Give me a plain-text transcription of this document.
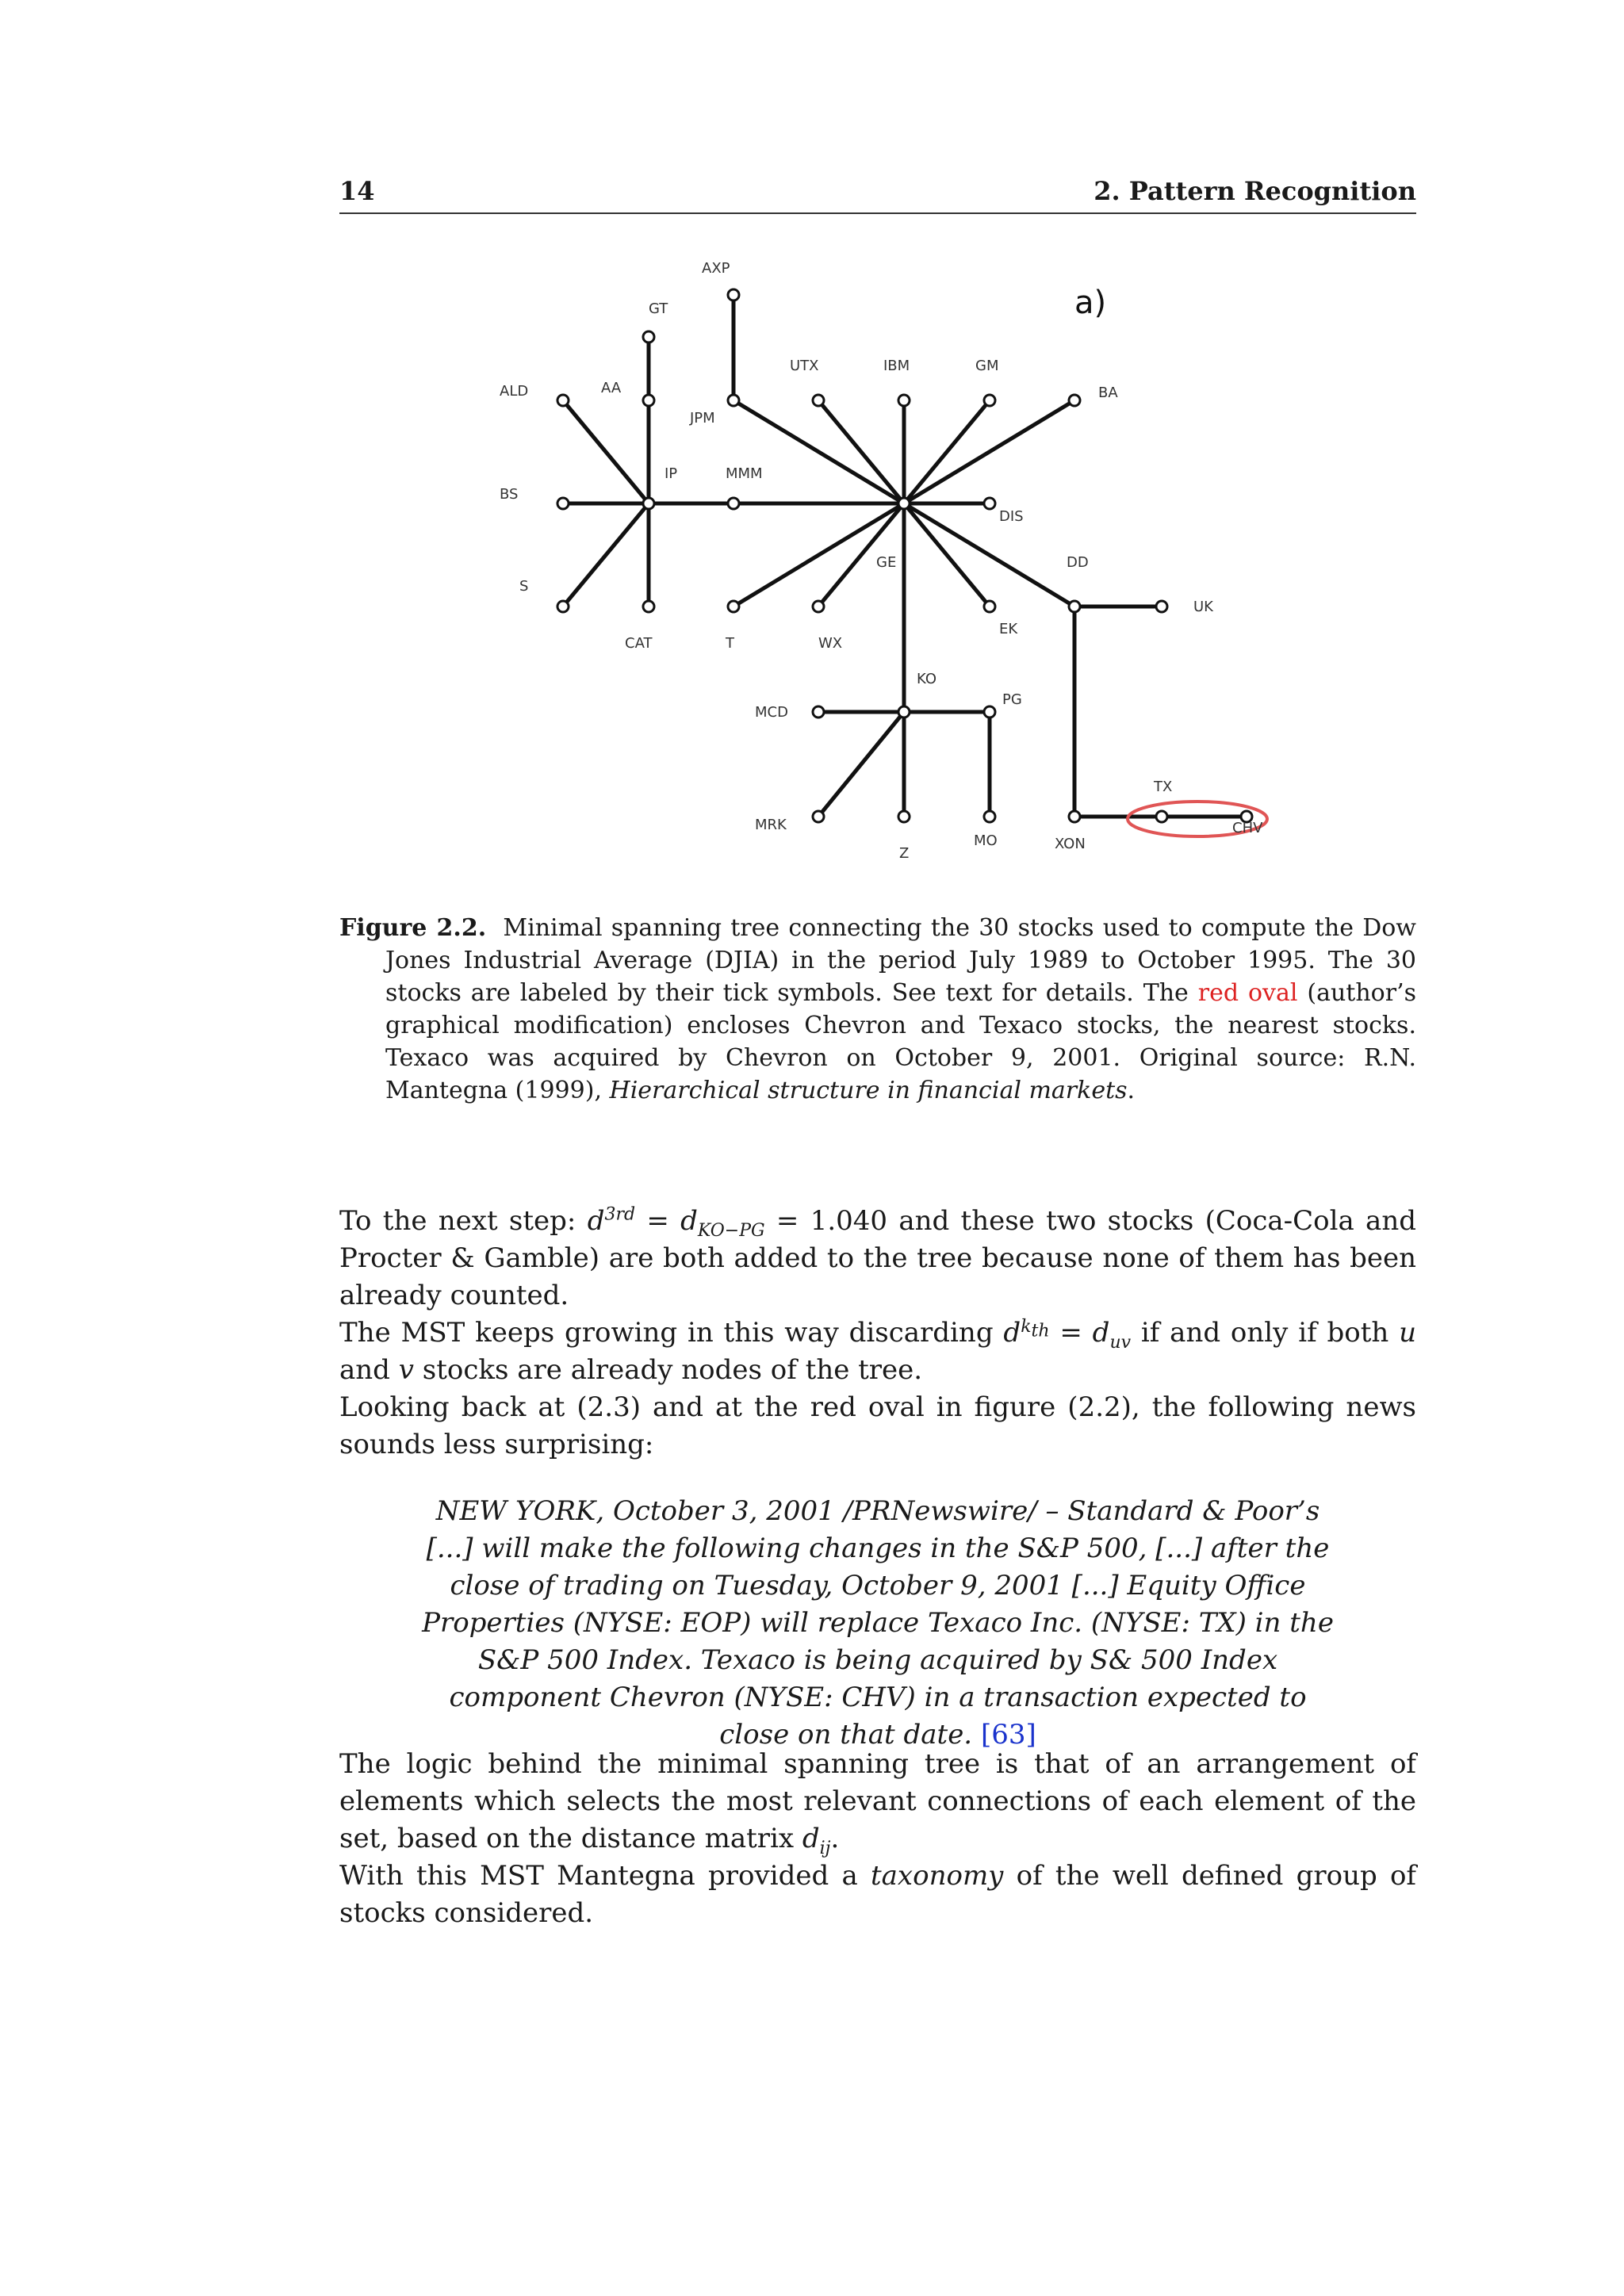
14	2. Pattern Recognition
GT
AXP
ALD	AA
JPM
UTX	IBM	GM
BA
BS
IP	MMM
DIS
S
CAT	T	WX
GE
EK
DD
UK
KO
MCD
PG
TX
MRK
Z
MO	XON
CHV
a)
Figure 2.2. Minimal spanning tree connecting the 30 stocks used to compute the Dow Jones Industrial Average (DJIA) in the period July 1989 to October 1995. The 30 stocks are labeled by their tick symbols. See text for details. The red oval (author’s graphical modification) encloses Chevron and Texaco stocks, the nearest stocks. Texaco was acquired by Chevron on October 9, 2001. Original source: R.N. Mantegna (1999), Hierarchical structure in financial markets.
To the next step: $d^{3rd} = d_{KO-PG} = 1.040$ and these two stocks (Coca-Cola and Procter & Gamble) are both added to the tree because none of them has been already counted.
The MST keeps growing in this way discarding $d^{k_{th}} = d_{uv}$ if and only if both u and v stocks are already nodes of the tree.
Looking back at (2.3) and at the red oval in figure (2.2), the following news sounds less surprising:
NEW YORK, October 3, 2001 /PRNewswire/ – Standard & Poor’s [...] will make the following changes in the S&P 500, [...] after the close of trading on Tuesday, October 9, 2001 [...] Equity Office Properties (NYSE: EOP) will replace Texaco Inc. (NYSE: TX) in the S&P 500 Index. Texaco is being acquired by S& 500 Index component Chevron (NYSE: CHV) in a transaction expected to close on that date. [63]
The logic behind the minimal spanning tree is that of an arrangement of elements which selects the most relevant connections of each element of the set, based on the distance matrix $d_{ij}$.
With this MST Mantegna provided a taxonomy of the well defined group of stocks considered.
